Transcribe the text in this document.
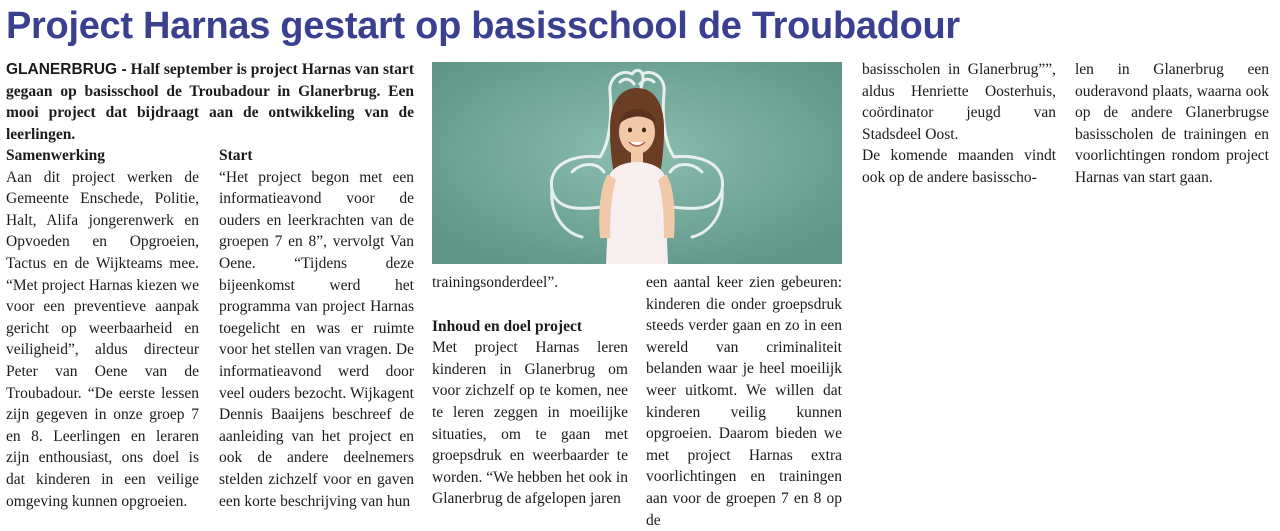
Project Harnas gestart op basisschool de Troubadour

GLANERBRUG - Half september is project Harnas van start gegaan op basisschool de Troubadour in Glanerbrug. Een mooi project dat bijdraagt aan de ontwikkeling van de leerlingen.

Samenwerking

Aan dit project werken de Gemeente Enschede, Politie, Halt, Alifa jongerenwerk en Opvoeden en Opgroeien, Tactus en de Wijkteams mee. “Met project Harnas kiezen we voor een preventieve aanpak gericht op weerbaarheid en veiligheid”, aldus directeur Peter van Oene van de Troubadour. “De eerste lessen zijn gegeven in onze groep 7 en 8. Leerlingen en leraren zijn enthousiast, ons doel is dat kinderen in een veilige omgeving kunnen opgroeien.

Start

“Het project begon met een informatieavond voor de ouders en leerkrachten van de groepen 7 en 8”, vervolgt Van Oene. “Tijdens deze bijeenkomst werd het programma van project Harnas toegelicht en was er ruimte voor het stellen van vragen. De informatieavond werd door veel ouders bezocht. Wijkagent Dennis Baaijens beschreef de aanleiding van het project en ook de andere deelnemers stelden zichzelf voor en gaven een korte beschrijving van hun

trainingsonderdeel”.

Inhoud en doel project

Met project Harnas leren kinderen in Glanerbrug om voor zichzelf op te komen, nee te leren zeggen in moeilijke situaties, om te gaan met groepsdruk en weerbaarder te worden. “We hebben het ook in Glanerbrug de afgelopen jaren

een aantal keer zien gebeuren: kinderen die onder groepsdruk steeds verder gaan en zo in een wereld van criminaliteit belanden waar je heel moeilijk weer uitkomt. We willen dat kinderen veilig kunnen opgroeien. Daarom bieden we met project Harnas extra voorlichtingen en trainingen aan voor de groepen 7 en 8 op de

basisscholen in Glanerbrug””, aldus Henriette Oosterhuis, coördinator jeugd van Stadsdeel Oost.

De komende maanden vindt ook op de andere basisscho-

len in Glanerbrug een ouderavond plaats, waarna ook op de andere Glanerbrugse basisscholen de trainingen en voorlichtingen rondom project Harnas van start gaan.
